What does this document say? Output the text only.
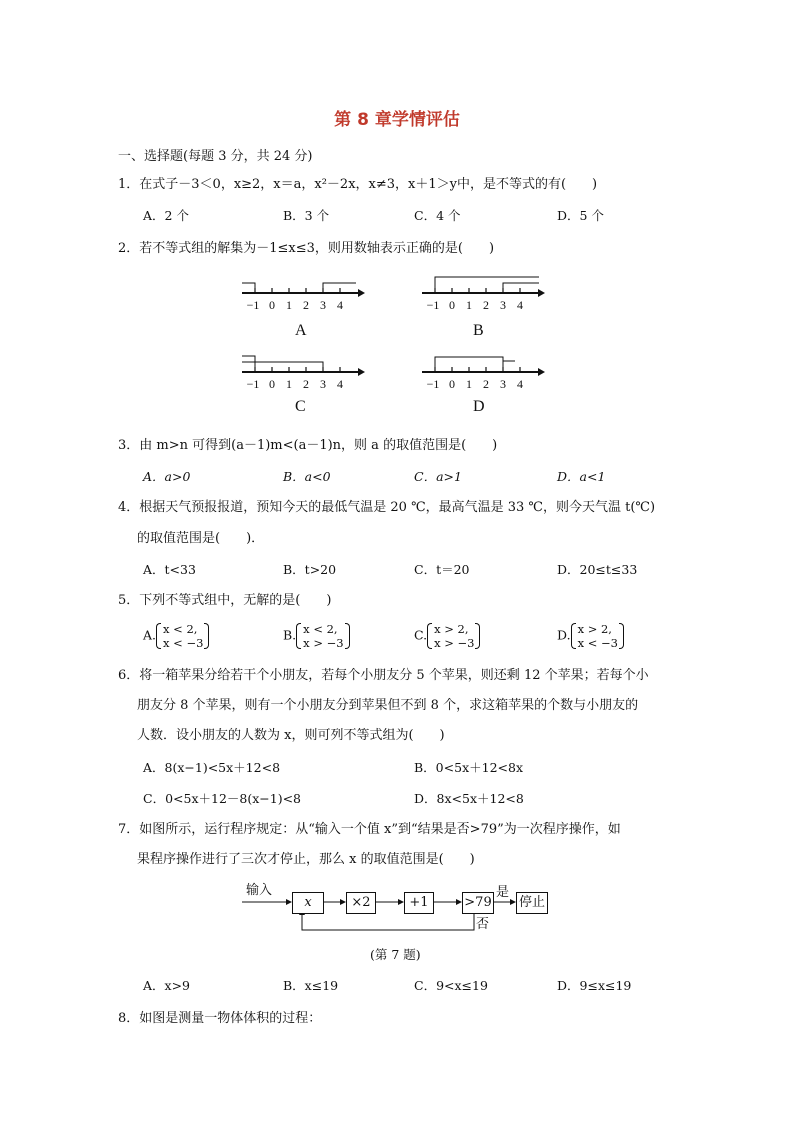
第 8 章学情评估
一、选择题(每题 3 分，共 24 分)
1．在式子－3＜0，x≥2，x＝a，x²－2x，x≠3，x＋1＞y中，是不等式的有(　　)
A．2 个	B．3 个	C．4 个	D．5 个
2．若不等式组的解集为－1≤x≤3，则用数轴表示正确的是(　　)
−1 0 1 2 3 4
A
−1 0 1 2 3 4
B
−1 0 1 2 3 4
C
−1 0 1 2 3 4
D
3．由 m>n 可得到(a－1)m<(a－1)n，则 a 的取值范围是(　　)
A．a>0	B．a<0	C．a>1	D．a<1
4．根据天气预报报道，预知今天的最低气温是 20 ℃，最高气温是 33 ℃，则今天气温 t(℃)
的取值范围是(　　)．
A．t<33	B．t>20	C．t＝20	D．20≤t≤33
5．下列不等式组中，无解的是(　　)
A. x < 2,
x < −3
B. x < 2,
x > −3
C. x > 2,
x > −3
D. x > 2,
x < −3
6．将一箱苹果分给若干个小朋友，若每个小朋友分 5 个苹果，则还剩 12 个苹果；若每个小
朋友分 8 个苹果，则有一个小朋友分到苹果但不到 8 个，求这箱苹果的个数与小朋友的
人数．设小朋友的人数为 x，则可列不等式组为(　　)
A．8(x−1)<5x＋12<8	B．0<5x＋12<8x
C．0<5x＋12－8(x−1)<8	D．8x<5x＋12<8
7．如图所示，运行程序规定：从“输入一个值 x”到“结果是否>79”为一次程序操作，如
果程序操作进行了三次才停止，那么 x 的取值范围是(　　)
输入	是
否
x	×2	+1	>79 停止
(第 7 题)
A．x>9	B．x≤19	C．9<x≤19	D．9≤x≤19
8．如图是测量一物体体积的过程：
